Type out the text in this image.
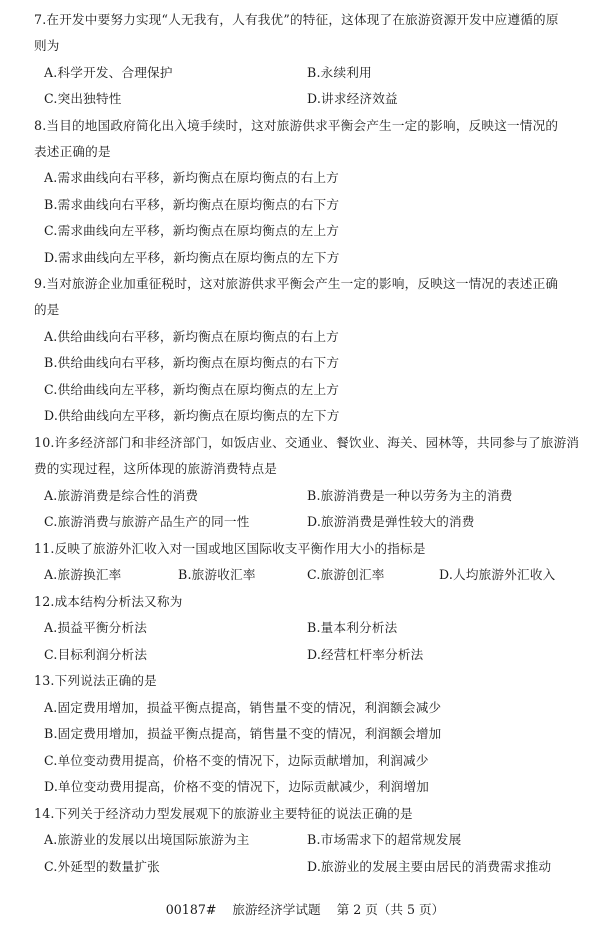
7.在开发中要努力实现“人无我有，人有我优”的特征，这体现了在旅游资源开发中应遵循的原
则为
A.科学开发、合理保护	B.永续利用
C.突出独特性	D.讲求经济效益
8.当目的地国政府简化出入境手续时，这对旅游供求平衡会产生一定的影响，反映这一情况的
表述正确的是
A.需求曲线向右平移，新均衡点在原均衡点的右上方
B.需求曲线向右平移，新均衡点在原均衡点的右下方
C.需求曲线向左平移，新均衡点在原均衡点的左上方
D.需求曲线向左平移，新均衡点在原均衡点的左下方
9.当对旅游企业加重征税时，这对旅游供求平衡会产生一定的影响，反映这一情况的表述正确
的是
A.供给曲线向右平移，新均衡点在原均衡点的右上方
B.供给曲线向右平移，新均衡点在原均衡点的右下方
C.供给曲线向左平移，新均衡点在原均衡点的左上方
D.供给曲线向左平移，新均衡点在原均衡点的左下方
10.许多经济部门和非经济部门，如饭店业、交通业、餐饮业、海关、园林等，共同参与了旅游消
费的实现过程，这所体现的旅游消费特点是
A.旅游消费是综合性的消费	B.旅游消费是一种以劳务为主的消费
C.旅游消费与旅游产品生产的同一性	D.旅游消费是弹性较大的消费
11.反映了旅游外汇收入对一国或地区国际收支平衡作用大小的指标是
A.旅游换汇率	B.旅游收汇率	C.旅游创汇率	D.人均旅游外汇收入
12.成本结构分析法又称为
A.损益平衡分析法	B.量本利分析法
C.目标利润分析法	D.经营杠杆率分析法
13.下列说法正确的是
A.固定费用增加，损益平衡点提高，销售量不变的情况，利润额会减少
B.固定费用增加，损益平衡点提高，销售量不变的情况，利润额会增加
C.单位变动费用提高，价格不变的情况下，边际贡献增加，利润减少
D.单位变动费用提高，价格不变的情况下，边际贡献减少，利润增加
14.下列关于经济动力型发展观下的旅游业主要特征的说法正确的是
A.旅游业的发展以出境国际旅游为主	B.市场需求下的超常规发展
C.外延型的数量扩张	D.旅游业的发展主要由居民的消费需求推动
00187# 旅游经济学试题 第 2 页（共 5 页）
